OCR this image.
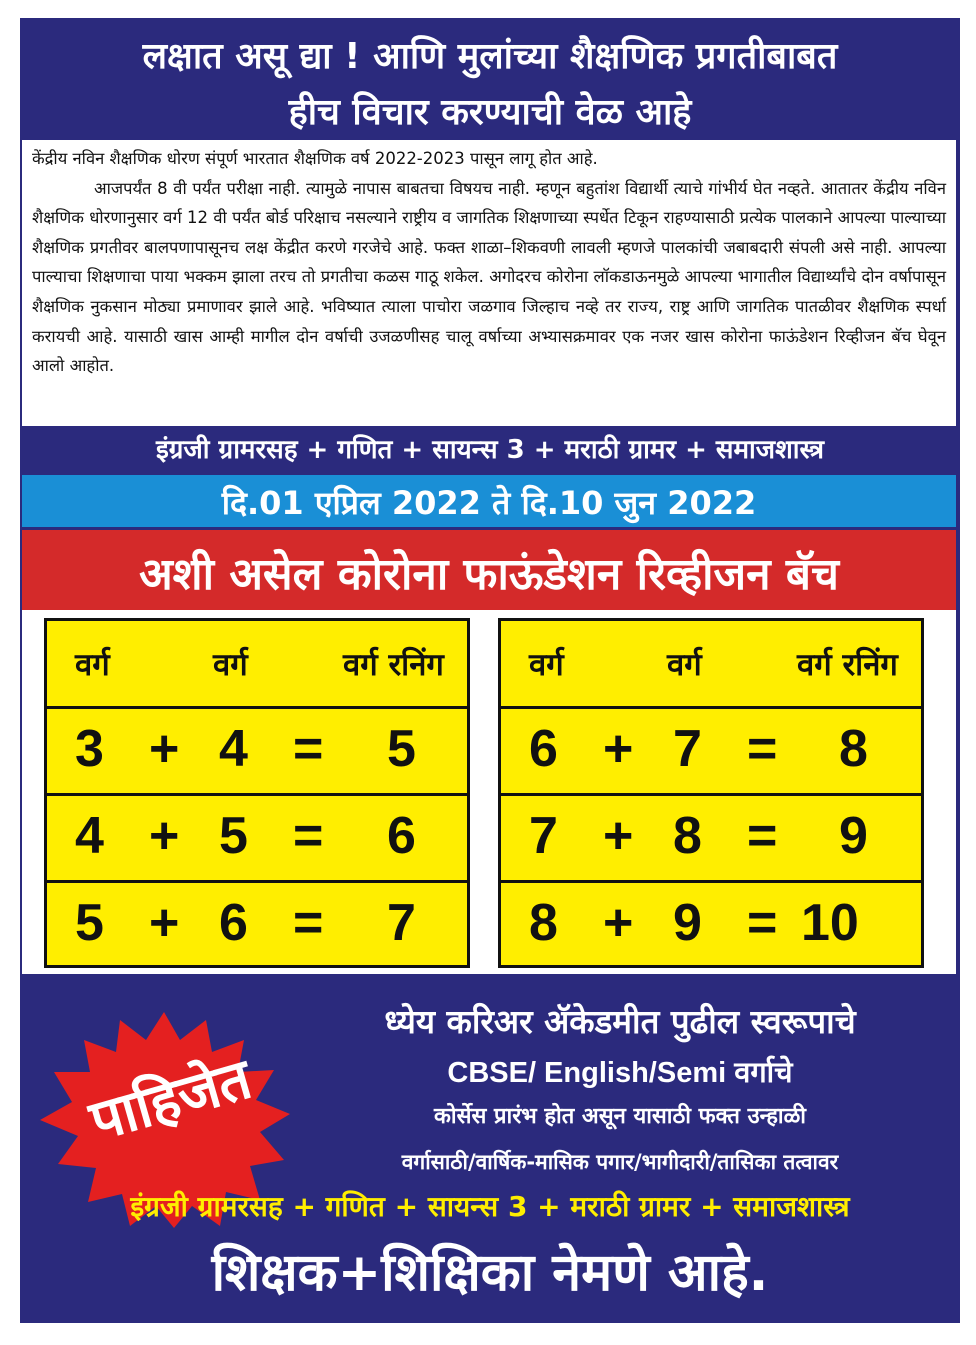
लक्षात असू द्या ! आणि मुलांच्या शैक्षणिक प्रगतीबाबत
हीच विचार करण्याची वेळ आहे

केंद्रीय नविन शैक्षणिक धोरण संपूर्ण भारतात शैक्षणिक वर्ष 2022-2023 पासून लागू होत आहे.

आजपर्यंत 8 वी पर्यंत परीक्षा नाही. त्यामुळे नापास बाबतचा विषयच नाही. म्हणून बहुतांश विद्यार्थी त्याचे गांभीर्य घेत नव्हते. आतातर केंद्रीय नविन शैक्षणिक धोरणानुसार वर्ग 12 वी पर्यंत बोर्ड परिक्षाच नसल्याने राष्ट्रीय व जागतिक शिक्षणाच्या स्पर्धेत टिकून राहण्यासाठी प्रत्येक पालकाने आपल्या पाल्याच्या शैक्षणिक प्रगतीवर बालपणापासूनच लक्ष केंद्रीत करणे गरजेचे आहे. फक्त शाळा–शिकवणी लावली म्हणजे पालकांची जबाबदारी संपली असे नाही. आपल्या पाल्याचा शिक्षणाचा पाया भक्कम झाला तरच तो प्रगतीचा कळस गाठू शकेल. अगोदरच कोरोना लॉकडाऊनमुळे आपल्या भागातील विद्यार्थ्यांचे दोन वर्षापासून शैक्षणिक नुकसान मोठ्या प्रमाणावर झाले आहे. भविष्यात त्याला पाचोरा जळगाव जिल्हाच नव्हे तर राज्य, राष्ट्र आणि जागतिक पातळीवर शैक्षणिक स्पर्धा करायची आहे. यासाठी खास आम्ही मागील दोन वर्षाची उजळणीसह चालू वर्षाच्या अभ्यासक्रमावर एक नजर खास कोरोना फाऊंडेशन रिव्हीजन बॅच घेवून आलो आहोत.

इंग्रजी ग्रामरसह + गणित + सायन्स 3 + मराठी ग्रामर + समाजशास्त्र
दि.01 एप्रिल 2022 ते दि.10 जुन 2022
अशी असेल कोरोना फाऊंडेशन रिव्हीजन बॅच
वर्ग	वर्ग	वर्ग रनिंग
3 + 4 = 5
4 + 5 = 6
5 + 6 = 7
वर्ग	वर्ग	वर्ग रनिंग
6 + 7 = 8
7 + 8 = 9
8 + 9 = 10
पाहिजेत
ध्येय करिअर ॲकेडमीत पुढील स्वरूपाचे
CBSE/ English/Semi वर्गाचे
कोर्सेस प्रारंभ होत असून यासाठी फक्त उन्हाळी
वर्गासाठी/वार्षिक-मासिक पगार/भागीदारी/तासिका तत्वावर
इंग्रजी ग्रामरसह + गणित + सायन्स 3 + मराठी ग्रामर + समाजशास्त्र
शिक्षक+शिक्षिका नेमणे आहे.
